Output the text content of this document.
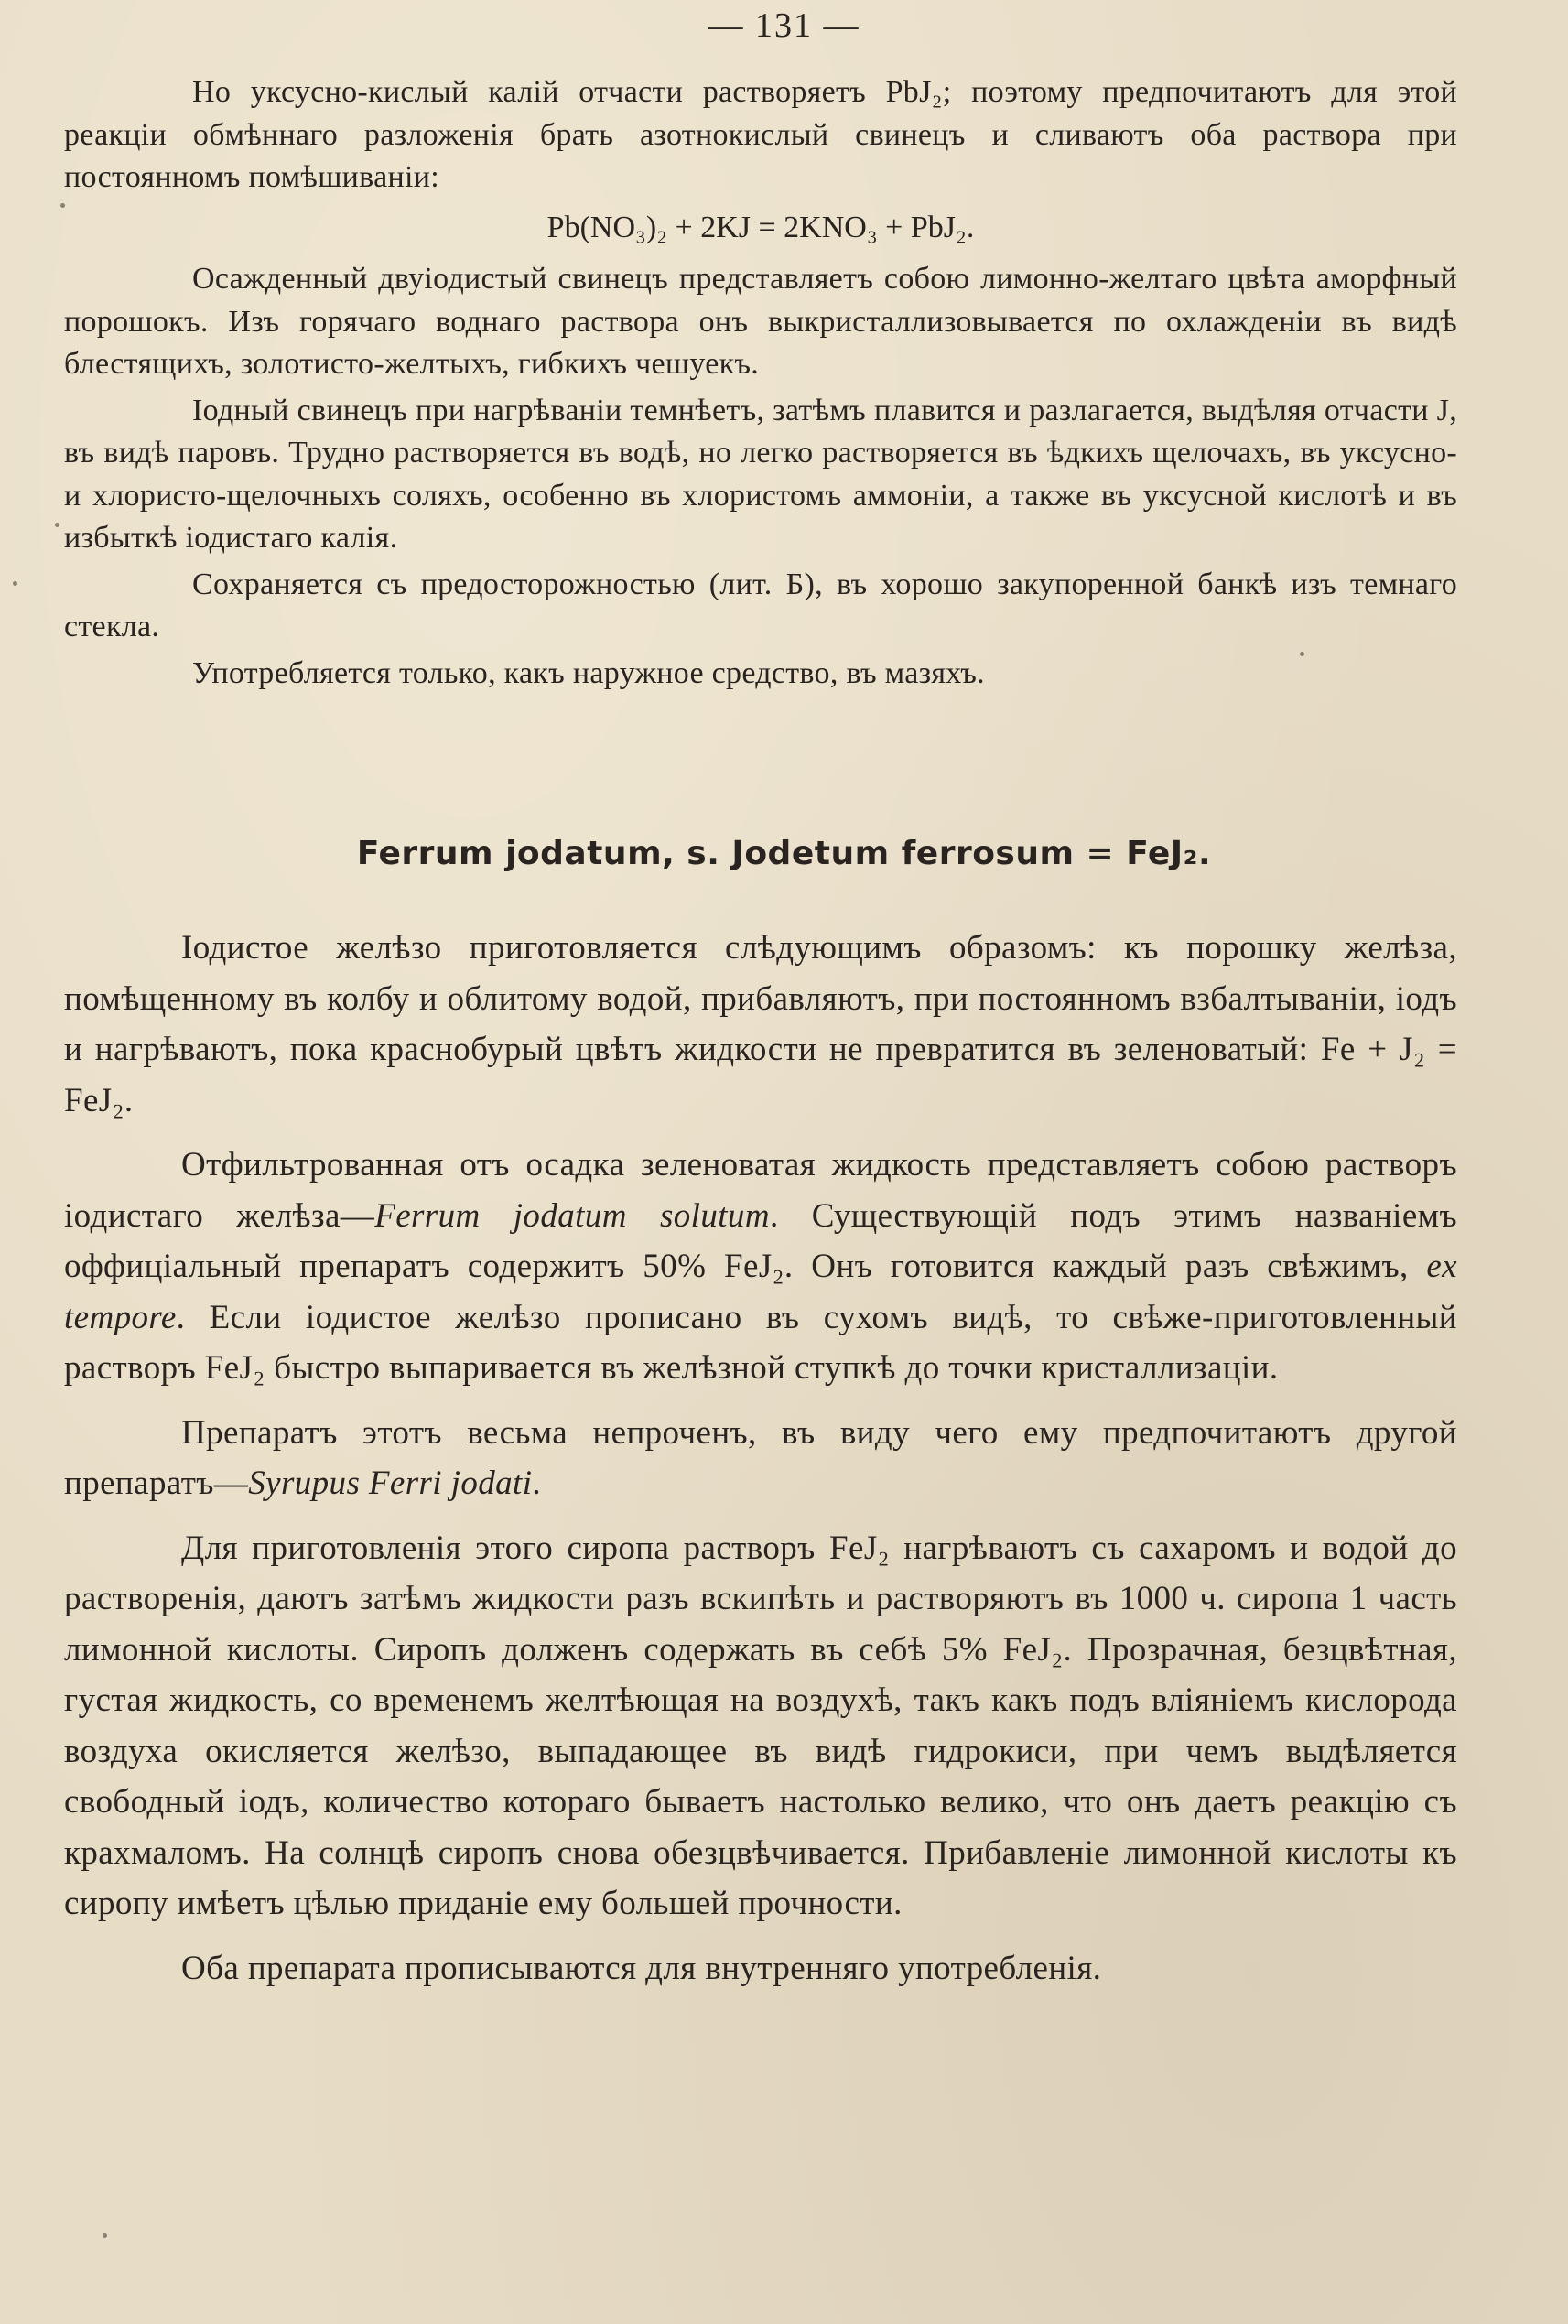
— 131 —

Но уксусно-кислый калій отчасти растворяетъ PbJ₂; поэтому предпочитаютъ для этой реакціи обмѣннаго разложенія брать азотнокислый свинецъ и сливаютъ оба раствора при постоянномъ помѣшиваніи:

Pb(NO₃)₂ + 2KJ = 2KNO₃ + PbJ₂.

Осажденный двуіодистый свинецъ представляетъ собою лимонно-желтаго цвѣта аморфный порошокъ. Изъ горячаго воднаго раствора онъ выкристаллизовывается по охлажденіи въ видѣ блестящихъ, золотисто-желтыхъ, гибкихъ чешуекъ.

Іодный свинецъ при нагрѣваніи темнѣетъ, затѣмъ плавится и разлагается, выдѣляя отчасти J, въ видѣ паровъ. Трудно растворяется въ водѣ, но легко растворяется въ ѣдкихъ щелочахъ, въ уксусно-и хлористо-щелочныхъ соляхъ, особенно въ хлористомъ аммоніи, а также въ уксусной кислотѣ и въ избыткѣ іодистаго калія.

Сохраняется съ предосторожностью (лит. Б), въ хорошо закупоренной банкѣ изъ темнаго стекла.

Употребляется только, какъ наружное средство, въ мазяхъ.

Ferrum jodatum, s. Jodetum ferrosum = FeJ₂.

Іодистое желѣзо приготовляется слѣдующимъ образомъ: къ порошку желѣза, помѣщенному въ колбу и облитому водой, прибавляютъ, при постоянномъ взбалтываніи, іодъ и нагрѣваютъ, пока краснобурый цвѣтъ жидкости не превратится въ зеленоватый: Fe + J₂ = FeJ₂.

Отфильтрованная отъ осадка зеленоватая жидкость представляетъ собою растворъ іодистаго желѣза—Ferrum jodatum solutum. Существующій подъ этимъ названіемъ оффиціальный препаратъ содержитъ 50% FeJ₂. Онъ готовится каждый разъ свѣжимъ, ex tempore. Если іодистое желѣзо прописано въ сухомъ видѣ, то свѣже-приготовленный растворъ FeJ₂ быстро выпаривается въ желѣзной ступкѣ до точки кристаллизаціи.

Препаратъ этотъ весьма непроченъ, въ виду чего ему предпочитаютъ другой препаратъ—Syrupus Ferri jodati.

Для приготовленія этого сиропа растворъ FeJ₂ нагрѣваютъ съ сахаромъ и водой до растворенія, даютъ затѣмъ жидкости разъ вскипѣть и растворяютъ въ 1000 ч. сиропа 1 часть лимонной кислоты. Сиропъ долженъ содержать въ себѣ 5% FeJ₂. Прозрачная, безцвѣтная, густая жидкость, со временемъ желтѣющая на воздухѣ, такъ какъ подъ вліяніемъ кислорода воздуха окисляется желѣзо, выпадающее въ видѣ гидрокиси, при чемъ выдѣляется свободный іодъ, количество котораго бываетъ настолько велико, что онъ даетъ реакцію съ крахмаломъ. На солнцѣ сиропъ снова обезцвѣчивается. Прибавленіе лимонной кислоты къ сиропу имѣетъ цѣлью приданіе ему большей прочности.

Оба препарата прописываются для внутренняго употребленія.
